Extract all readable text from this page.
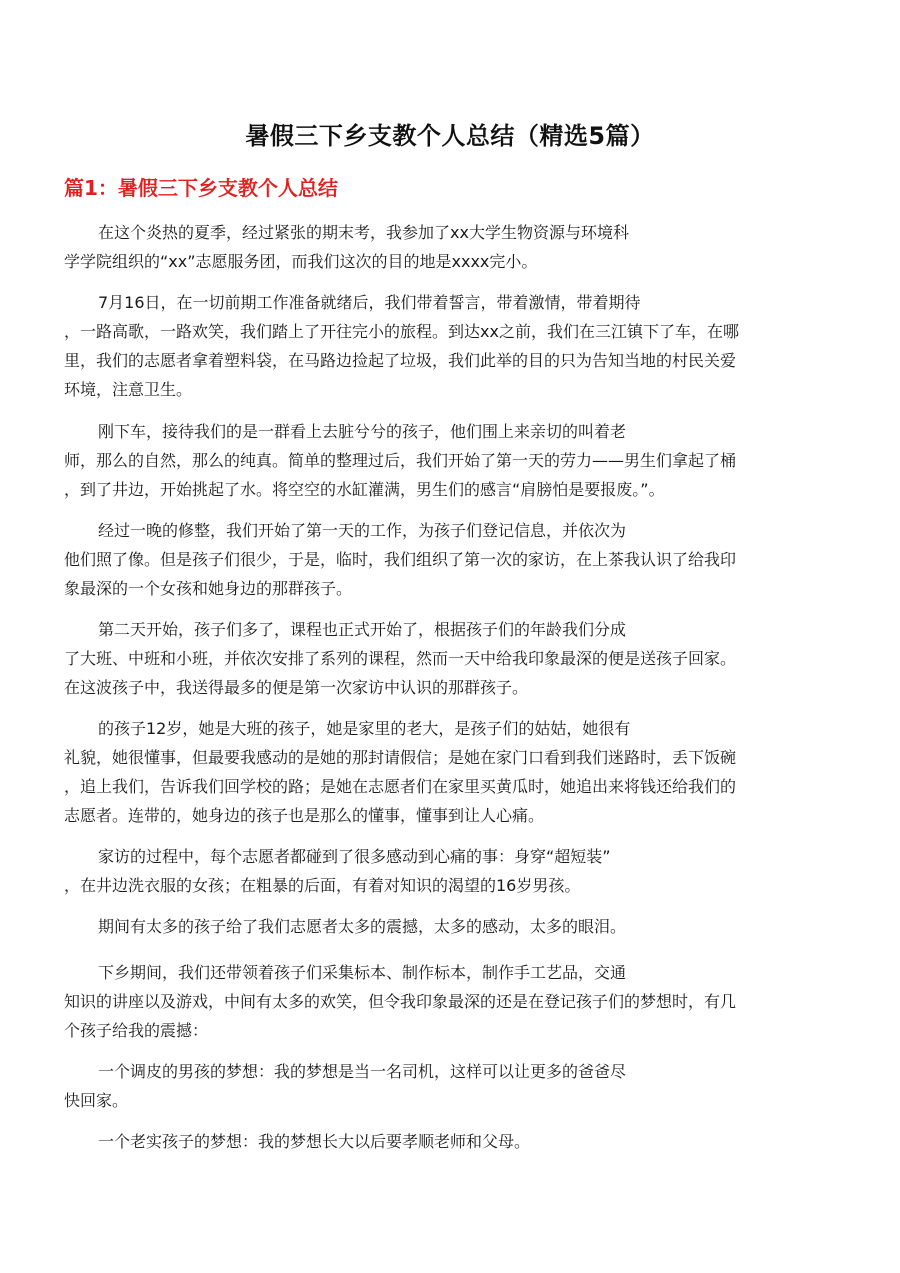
暑假三下乡支教个人总结（精选5篇）
篇1：暑假三下乡支教个人总结

在这个炎热的夏季，经过紧张的期末考，我参加了xx大学生物资源与环境科
学学院组织的“xx”志愿服务团，而我们这次的目的地是xxxx完小。

7月16日，在一切前期工作准备就绪后，我们带着誓言，带着激情，带着期待
，一路高歌，一路欢笑，我们踏上了开往完小的旅程。到达xx之前，我们在三江镇下了车，在哪
里，我们的志愿者拿着塑料袋，在马路边捡起了垃圾，我们此举的目的只为告知当地的村民关爱
环境，注意卫生。

刚下车，接待我们的是一群看上去脏兮兮的孩子，他们围上来亲切的叫着老
师，那么的自然，那么的纯真。简单的整理过后，我们开始了第一天的劳力——男生们拿起了桶
，到了井边，开始挑起了水。将空空的水缸灌满，男生们的感言“肩膀怕是要报废。”。

经过一晚的修整，我们开始了第一天的工作，为孩子们登记信息，并依次为
他们照了像。但是孩子们很少，于是，临时，我们组织了第一次的家访，在上茶我认识了给我印
象最深的一个女孩和她身边的那群孩子。

第二天开始，孩子们多了，课程也正式开始了，根据孩子们的年龄我们分成
了大班、中班和小班，并依次安排了系列的课程，然而一天中给我印象最深的便是送孩子回家。
在这波孩子中，我送得最多的便是第一次家访中认识的那群孩子。

的孩子12岁，她是大班的孩子，她是家里的老大，是孩子们的姑姑，她很有
礼貌，她很懂事，但最要我感动的是她的那封请假信；是她在家门口看到我们迷路时，丢下饭碗
，追上我们，告诉我们回学校的路；是她在志愿者们在家里买黄瓜时，她追出来将钱还给我们的
志愿者。连带的，她身边的孩子也是那么的懂事，懂事到让人心痛。

家访的过程中，每个志愿者都碰到了很多感动到心痛的事：身穿“超短装”
，在井边洗衣服的女孩；在粗暴的后面，有着对知识的渴望的16岁男孩。

期间有太多的孩子给了我们志愿者太多的震撼，太多的感动，太多的眼泪。

下乡期间，我们还带领着孩子们采集标本、制作标本，制作手工艺品，交通
知识的讲座以及游戏，中间有太多的欢笑，但令我印象最深的还是在登记孩子们的梦想时，有几
个孩子给我的震撼：

一个调皮的男孩的梦想：我的梦想是当一名司机，这样可以让更多的爸爸尽
快回家。

一个老实孩子的梦想：我的梦想长大以后要孝顺老师和父母。
